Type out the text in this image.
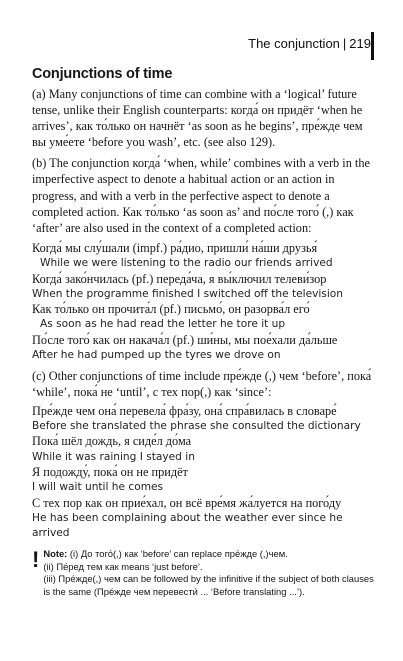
The conjunction | 219
Conjunctions of time

(a) Many conjunctions of time can combine with a ‘logical’ future tense, unlike their English counterparts: когда́ он придёт ‘when he arrives’, как то́лько он начнёт ‘as soon as he begins’, пре́жде чем вы уме́ете ‘before you wash’, etc. (see also 129).

(b) The conjunction когда́ ‘when, while’ combines with a verb in the imperfective aspect to denote a habitual action or an action in progress, and with a verb in the perfective aspect to denote a completed action. Как то́лько ‘as soon as’ and по́сле того́ (,) как ‘after’ are also used in the context of a completed action:

Когда́ мы слу́шали (impf.) ра́дио, пришли́ на́ши друзья́
While we were listening to the radio our friends arrived
Когда́ зако́нчилась (pf.) переда́ча, я вы́ключил телеви́зор
When the programme finished I switched off the television
Как то́лько он прочита́л (pf.) письмо́, он разорва́л его́
As soon as he had read the letter he tore it up
По́сле того́ как он накача́л (pf.) ши́ны, мы пое́хали да́льше
After he had pumped up the tyres we drove on

(c) Other conjunctions of time include пре́жде (,) чем ‘before’, пока́ ‘while’, пока́ не ‘until’, с тех пор(,) как ‘since’:

Пре́жде чем она́ перевела́ фра́зу, она́ спра́вилась в словаре́
Before she translated the phrase she consulted the dictionary
Пока́ шёл дождь, я сиде́л до́ма
While it was raining I stayed in
Я подожду́, пока́ он не придёт
I will wait until he comes
С тех пор как он прие́хал, он всё вре́мя жа́луется на пого́ду
He has been complaining about the weather ever since he arrived
! Note: (i) До того́(,) как ‘before’ can replace пре́жде (,)чем.
(ii) Пе́ред тем как means ‘just before’.
(iii) Пре́жде(,) чем can be followed by the infinitive if the subject of both clauses is the same (Пре́жде чем перевести́ ... ‘Before translating ...’).
